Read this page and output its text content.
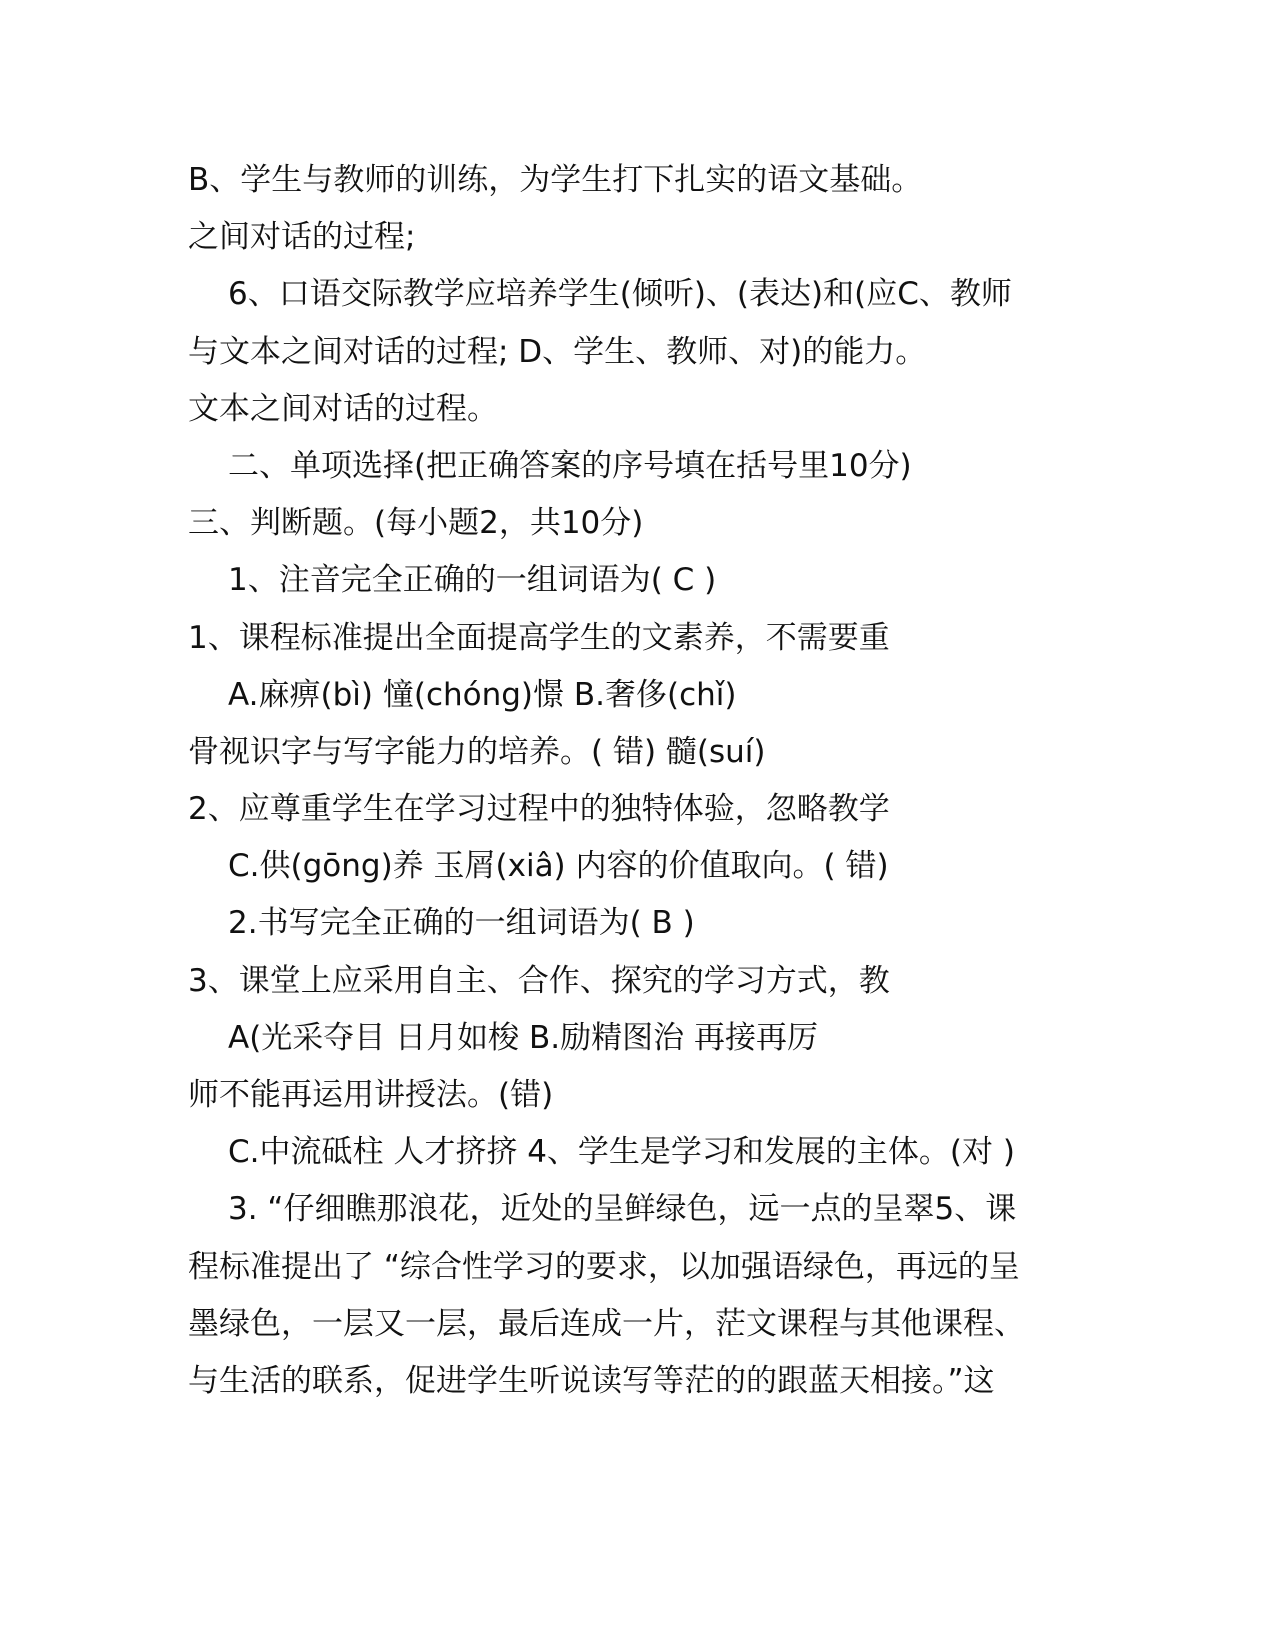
B、学生与教师的训练，为学生打下扎实的语文基础。
之间对话的过程;
6、口语交际教学应培养学生(倾听)、(表达)和(应C、教师
与文本之间对话的过程; D、学生、教师、对)的能力。
文本之间对话的过程。
二、单项选择(把正确答案的序号填在括号里10分)
三、判断题。(每小题2，共10分)
1、注音完全正确的一组词语为( C )
1、课程标准提出全面提高学生的文素养，不需要重
A.麻痹(bì) 憧(chóng)憬 B.奢侈(chǐ)
骨视识字与写字能力的培养。( 错) 髓(suí)
2、应尊重学生在学习过程中的独特体验，忽略教学
C.供(gōng)养 玉屑(xiâ) 内容的价值取向。( 错)
2.书写完全正确的一组词语为( B )
3、课堂上应采用自主、合作、探究的学习方式，教
A(光采夺目 日月如梭 B.励精图治 再接再厉
师不能再运用讲授法。(错)
C.中流砥柱 人才挤挤 4、学生是学习和发展的主体。(对 )
3. “仔细瞧那浪花，近处的呈鲜绿色，远一点的呈翠5、课
程标准提出了 “综合性学习的要求，以加强语绿色，再远的呈
墨绿色，一层又一层，最后连成一片，茫文课程与其他课程、
与生活的联系，促进学生听说读写等茫的的跟蓝天相接。”这
